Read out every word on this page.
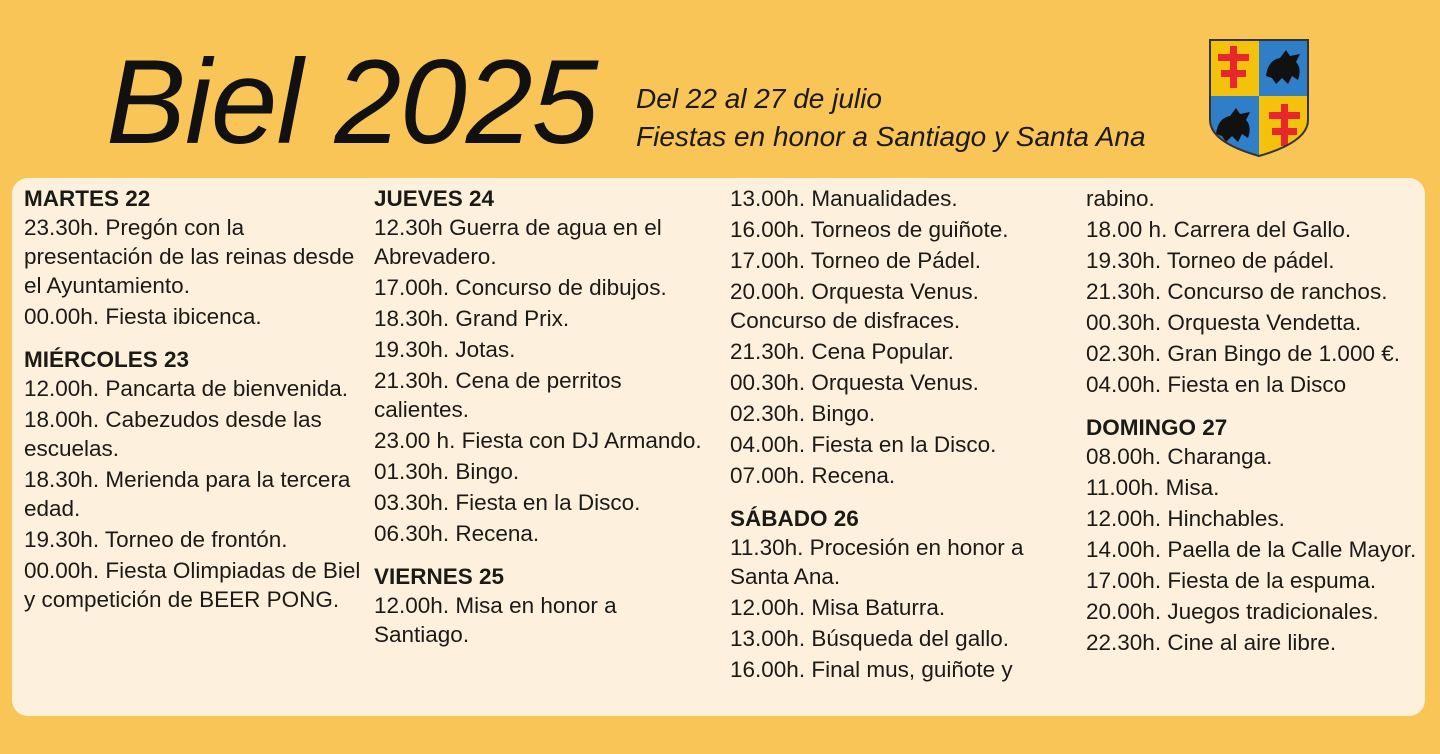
Biel 2025 Del 22 al 27 de julio
Fiestas en honor a Santiago y Santa Ana
MARTES 22
23.30h. Pregón con la presentación de las reinas desde el Ayuntamiento.
00.00h. Fiesta ibicenca.
MIÉRCOLES 23
12.00h. Pancarta de bienvenida.
18.00h. Cabezudos desde las escuelas.
18.30h. Merienda para la tercera edad.
19.30h. Torneo de frontón.
00.00h. Fiesta Olimpiadas de Biel y competición de BEER PONG.
JUEVES 24
12.30h Guerra de agua en el Abrevadero.
17.00h. Concurso de dibujos.
18.30h. Grand Prix.
19.30h. Jotas.
21.30h. Cena de perritos calientes.
23.00 h. Fiesta con DJ Armando.
01.30h. Bingo.
03.30h. Fiesta en la Disco.
06.30h. Recena.
VIERNES 25
12.00h. Misa en honor a Santiago.
13.00h. Manualidades.
16.00h. Torneos de guiñote.
17.00h. Torneo de Pádel.
20.00h. Orquesta Venus. Concurso de disfraces.
21.30h. Cena Popular.
00.30h. Orquesta Venus.
02.30h. Bingo.
04.00h. Fiesta en la Disco.
07.00h. Recena.
SÁBADO 26
11.30h. Procesión en honor a Santa Ana.
12.00h. Misa Baturra.
13.00h. Búsqueda del gallo.
16.00h. Final mus, guiñote y
rabino.
18.00 h. Carrera del Gallo.
19.30h. Torneo de pádel.
21.30h. Concurso de ranchos.
00.30h. Orquesta Vendetta.
02.30h. Gran Bingo de 1.000 €.
04.00h. Fiesta en la Disco
DOMINGO 27
08.00h. Charanga.
11.00h. Misa.
12.00h. Hinchables.
14.00h. Paella de la Calle Mayor.
17.00h. Fiesta de la espuma.
20.00h. Juegos tradicionales.
22.30h. Cine al aire libre.
